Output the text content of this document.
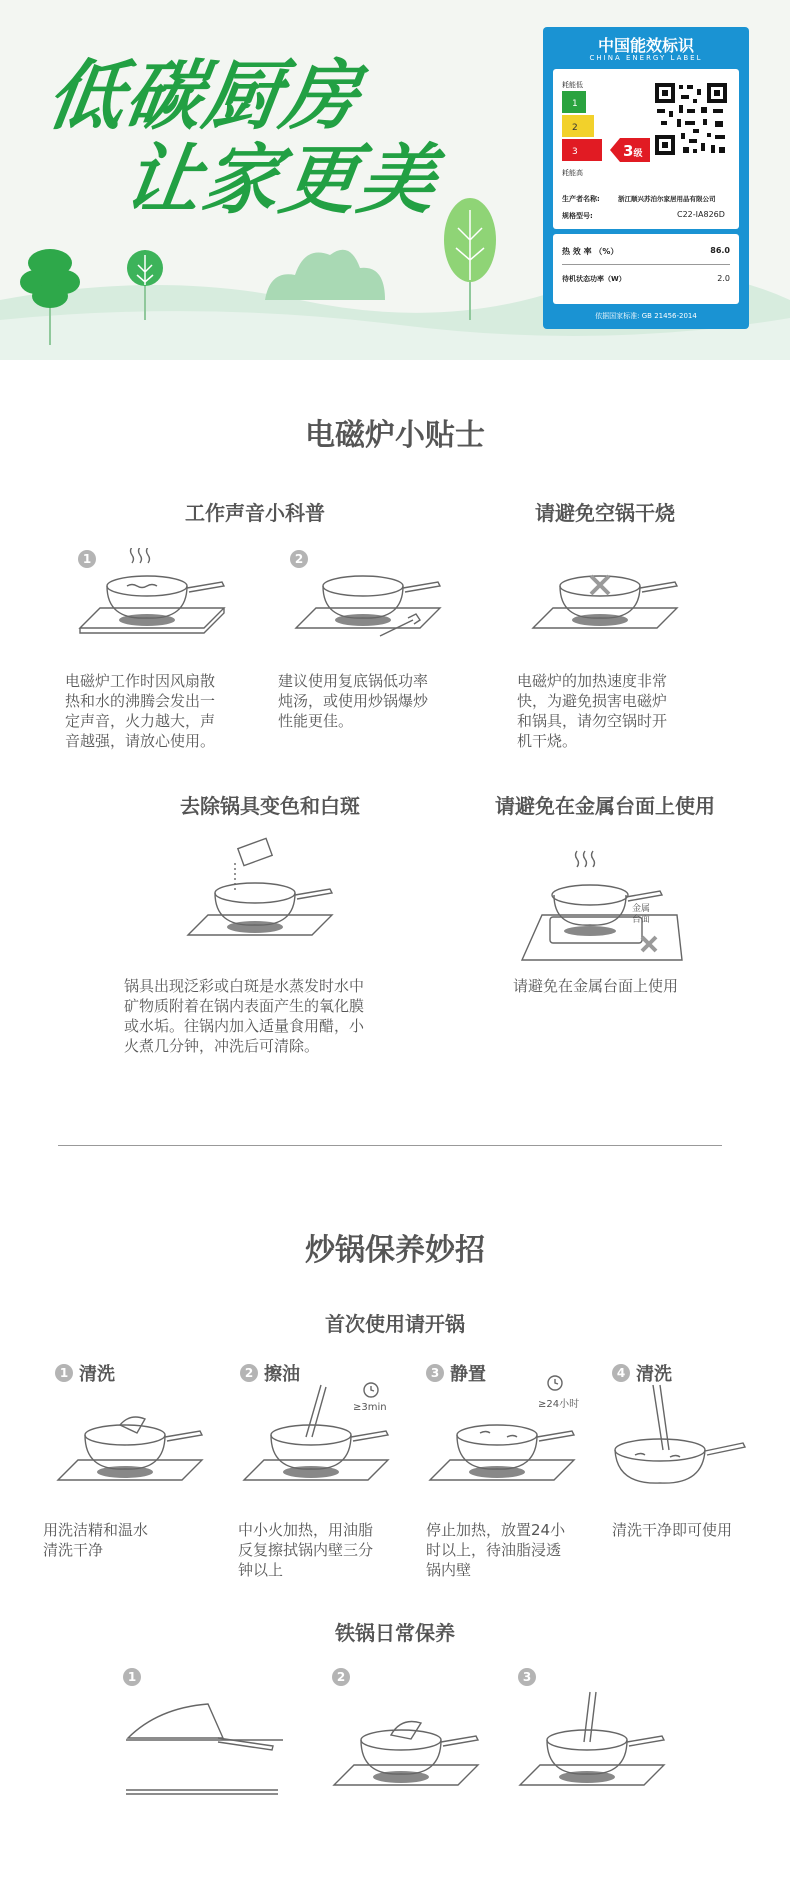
低碳厨房
让家更美
中国能效标识
CHINA ENERGY LABEL
耗能低
1
2
3	3 级
耗能高
生产者名称:	浙江顺兴苏泊尔家居用品有限公司
规格型号:	C22-IA826D
热 效 率 （%）	86.0
待机状态功率（W）	2.0
依据国家标准: GB 21456-2014
电磁炉小贴士
工作声音小科普	请避免空锅干烧
1	2
电磁炉工作时因风扇散
热和水的沸腾会发出一
定声音，火力越大，声
音越强，请放心使用。
建议使用复底锅低功率
炖汤，或使用炒锅爆炒
性能更佳。
电磁炉的加热速度非常
快，为避免损害电磁炉
和锅具，请勿空锅时开
机干烧。
去除锅具变色和白斑	请避免在金属台面上使用
金属
台面
锅具出现泛彩或白斑是水蒸发时水中
矿物质附着在锅内表面产生的氧化膜
或水垢。往锅内加入适量食用醋，小
火煮几分钟，冲洗后可清除。
请避免在金属台面上使用
炒锅保养妙招
首次使用请开锅
1 清洗	2 擦油	3 静置	4 清洗
≥3min	≥24小时
用洗洁精和温水
清洗干净
中小火加热，用油脂
反复擦拭锅内壁三分
钟以上
停止加热，放置24小
时以上，待油脂浸透
锅内壁
清洗干净即可使用
铁锅日常保养
1	2	3
